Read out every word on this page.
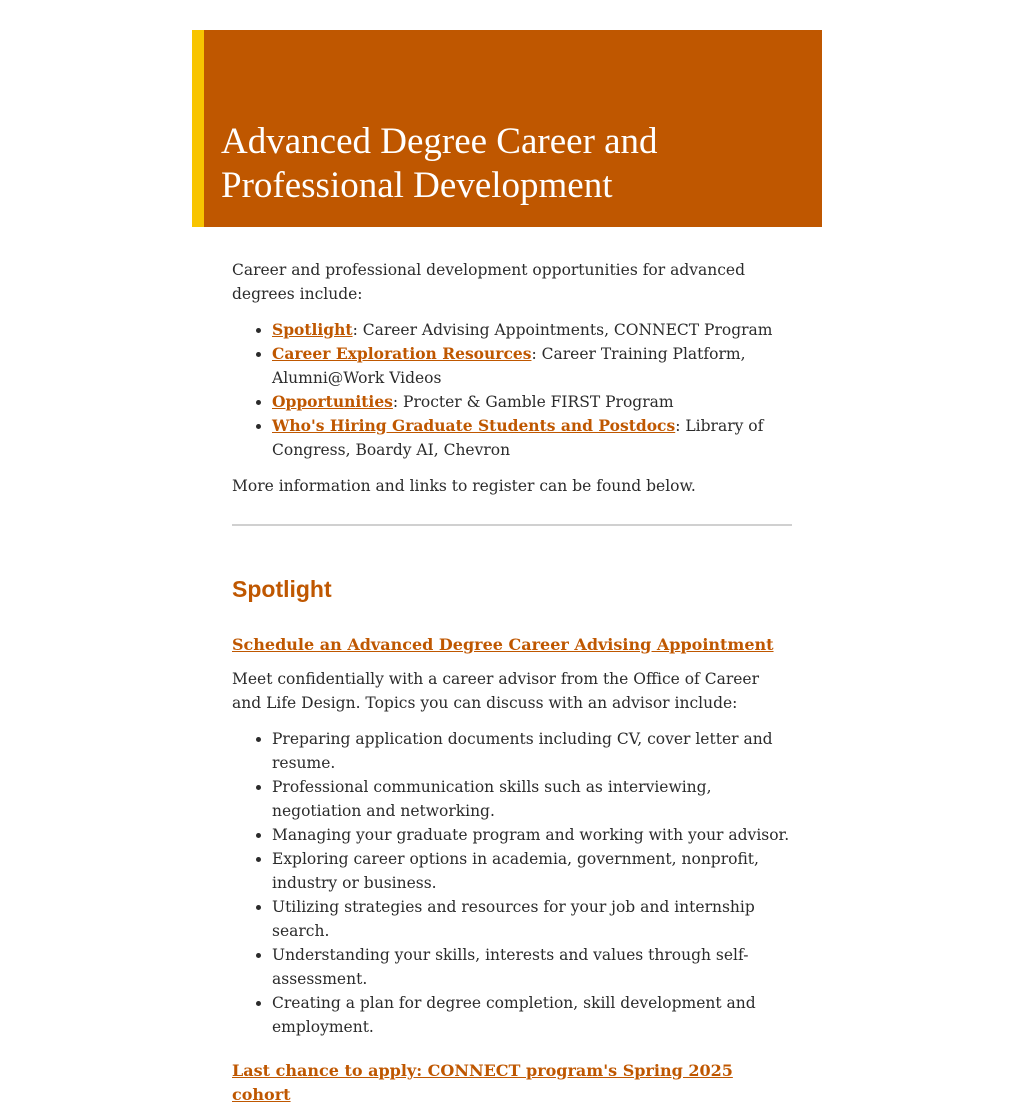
Advanced Degree Career and
Professional Development

Career and professional development opportunities for advanced degrees include:

• Spotlight: Career Advising Appointments, CONNECT Program
• Career Exploration Resources: Career Training Platform, Alumni@Work Videos
• Opportunities: Procter & Gamble FIRST Program
• Who's Hiring Graduate Students and Postdocs: Library of Congress, Boardy AI, Chevron

More information and links to register can be found below.

Spotlight
Schedule an Advanced Degree Career Advising Appointment

Meet confidentially with a career advisor from the Office of Career and Life Design. Topics you can discuss with an advisor include:

• Preparing application documents including CV, cover letter and resume.
• Professional communication skills such as interviewing, negotiation and networking.
• Managing your graduate program and working with your advisor.
• Exploring career options in academia, government, nonprofit, industry or business.
• Utilizing strategies and resources for your job and internship search.
• Understanding your skills, interests and values through self-assessment.
• Creating a plan for degree completion, skill development and employment.
Last chance to apply: CONNECT program's Spring 2025 cohort
